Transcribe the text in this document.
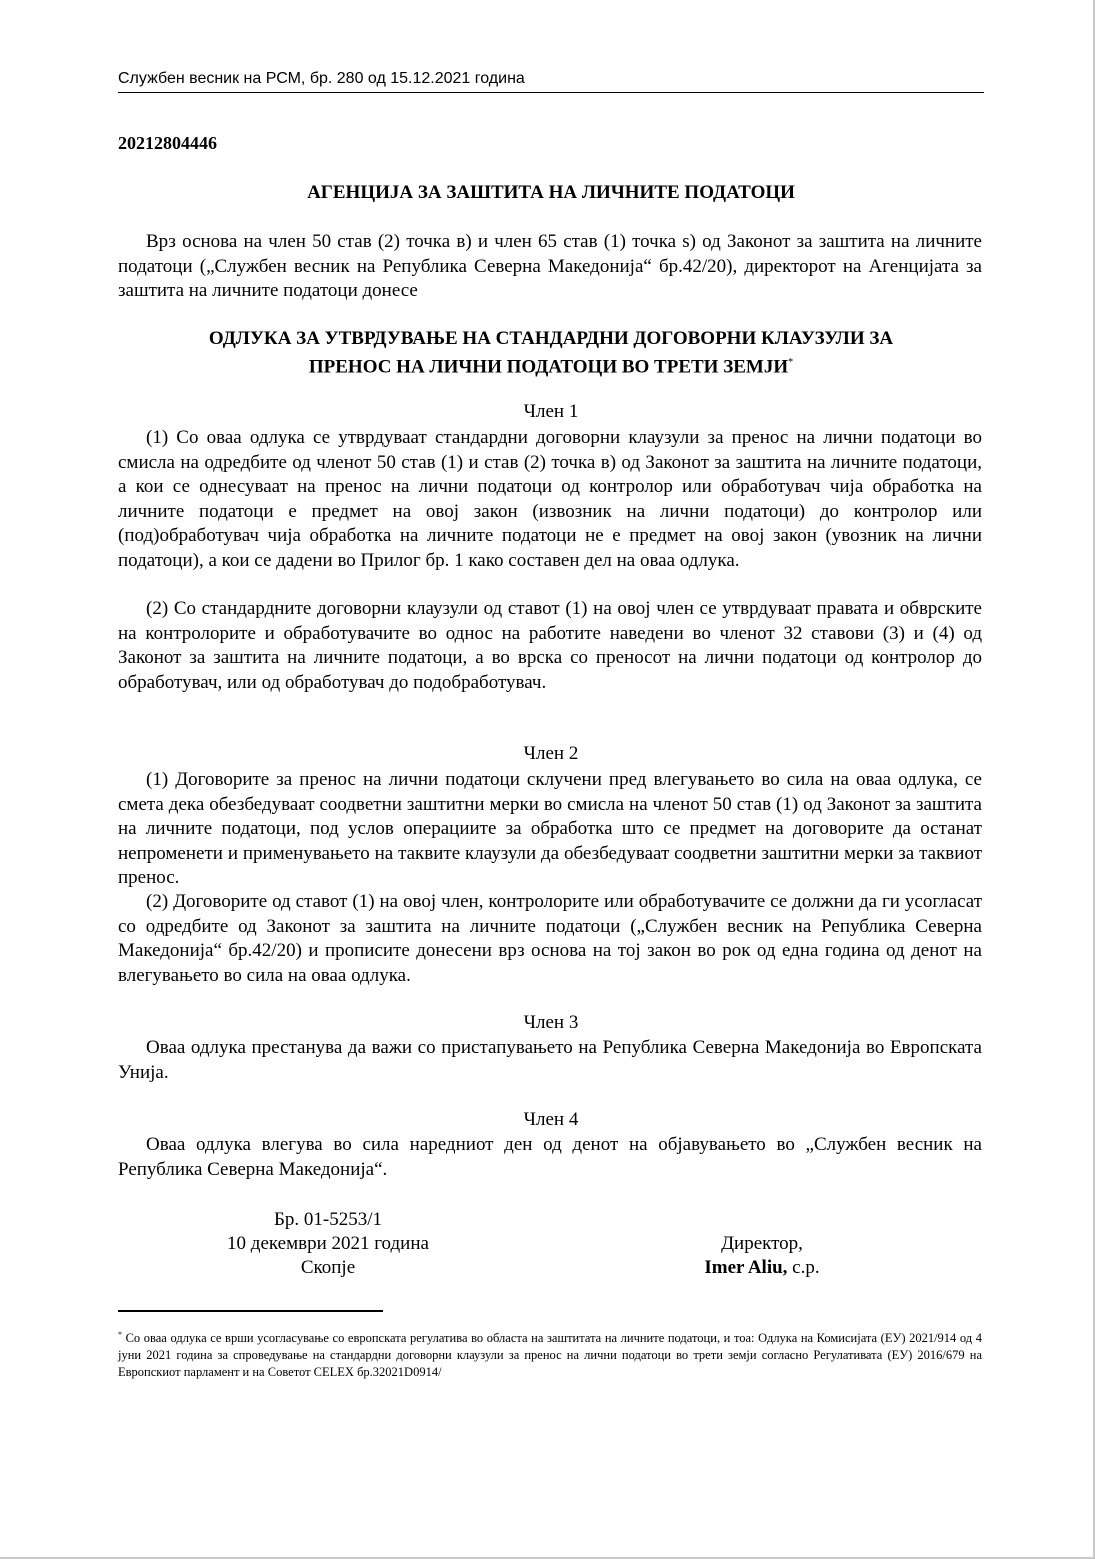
Службен весник на РСМ, бр. 280 од 15.12.2021 година
20212804446
АГЕНЦИЈА ЗА ЗАШТИТА НА ЛИЧНИТЕ ПОДАТОЦИ
Врз основа на член 50 став (2) точка в) и член 65 став (1) точка ѕ) од Законот за заштита на личните податоци („Службен весник на Република Северна Македонија“ бр.42/20), директорот на Агенцијата за заштита на личните податоци донесе
ОДЛУКА ЗА УТВРДУВАЊЕ НА СТАНДАРДНИ ДОГОВОРНИ КЛАУЗУЛИ ЗА
ПРЕНОС НА ЛИЧНИ ПОДАТОЦИ ВО ТРЕТИ ЗЕМЈИ*
Член 1
(1) Со оваа одлука се утврдуваат стандардни договорни клаузули за пренос на лични податоци во смисла на одредбите од членот 50 став (1) и став (2) точка в) од Законот за заштита на личните податоци, а кои се однесуваат на пренос на лични податоци од контролор или обработувач чија обработка на личните податоци е предмет на овој закон (извозник на лични податоци) до контролор или (под)обработувач чија обработка на личните податоци не е предмет на овој закон (увозник на лични податоци), а кои се дадени во Прилог бр. 1 како составен дел на оваа одлука.
(2) Со стандардните договорни клаузули од ставот (1) на овој член се утврдуваат правата и обврските на контролорите и обработувачите во однос на работите наведени во членот 32 ставови (3) и (4) од Законот за заштита на личните податоци, а во врска со преносот на лични податоци од контролор до обработувач, или од обработувач до подобработувач.
Член 2
(1) Договорите за пренос на лични податоци склучени пред влегувањето во сила на оваа одлука, се смета дека обезбедуваат соодветни заштитни мерки во смисла на членот 50 став (1) од Законот за заштита на личните податоци, под услов операциите за обработка што се предмет на договорите да останат непроменети и применувањето на таквите клаузули да обезбедуваат соодветни заштитни мерки за таквиот пренос.
(2) Договорите од ставот (1) на овој член, контролорите или обработувачите се должни да ги усогласат со одредбите од Законот за заштита на личните податоци („Службен весник на Република Северна Македонија“ бр.42/20) и прописите донесени врз основа на тој закон во рок од една година од денот на влегувањето во сила на оваа одлука.
Член 3
Оваа одлука престанува да важи со пристапувањето на Република Северна Македонија во Европската Унија.
Член 4
Оваа одлука влегува во сила наредниот ден од денот на објавувањето во „Службен весник на Република Северна Македонија“.
Бр. 01-5253/1
10 декември 2021 година
Скопје
Директор,
Imer Aliu, с.р.
* Со оваа одлука се врши усогласување со европската регулатива во областа на заштитата на личните податоци, и тоа: Одлука на Комисијата (ЕУ) 2021/914 од 4 јуни 2021 година за спроведување на стандардни договорни клаузули за пренос на лични податоци во трети земји согласно Регулативата (ЕУ) 2016/679 на Европскиот парламент и на Советот CELEX бр.32021D0914/
